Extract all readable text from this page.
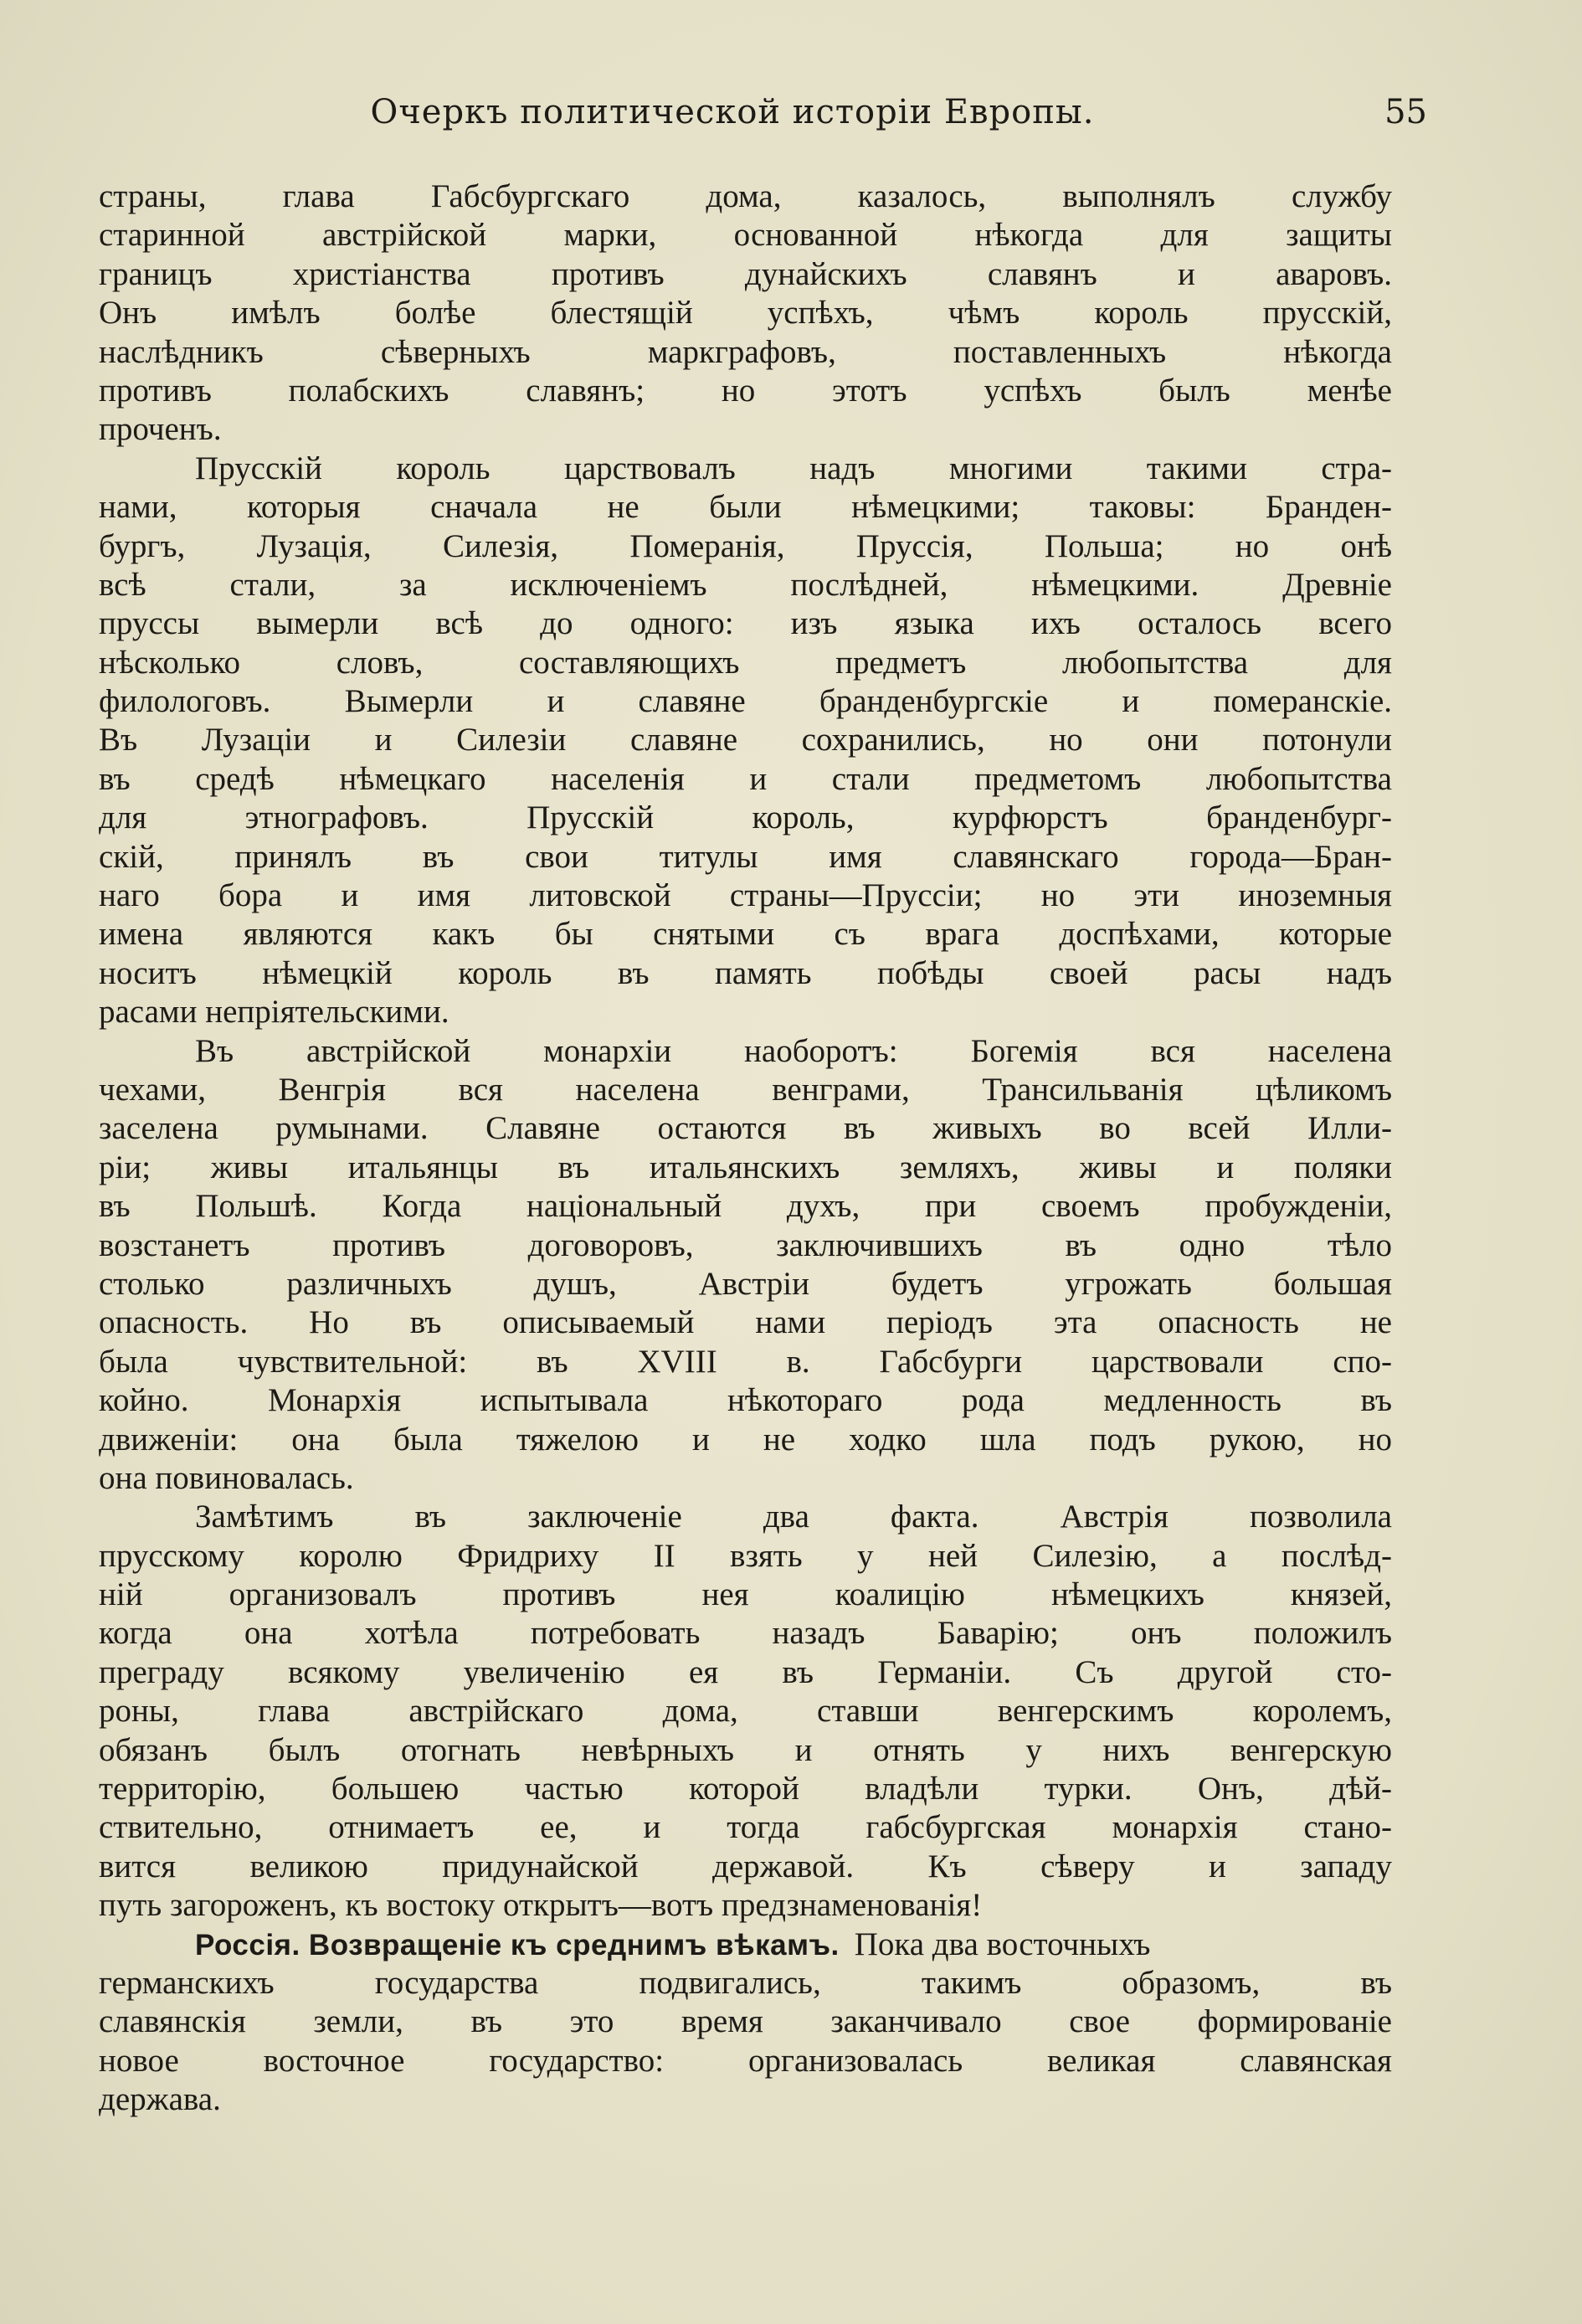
Очеркъ политической исторіи Европы.	55
страны, глава Габсбургскаго дома, казалось, выполнялъ службу
старинной австрійской марки, основанной нѣкогда для защиты
границъ христіанства противъ дунайскихъ славянъ и аваровъ.
Онъ имѣлъ болѣе блестящій успѣхъ, чѣмъ король прусскій,
наслѣдникъ сѣверныхъ маркграфовъ, поставленныхъ нѣкогда
противъ полабскихъ славянъ; но этотъ успѣхъ былъ менѣе
проченъ.
Прусскій король царствовалъ надъ многими такими стра-
нами, которыя сначала не были нѣмецкими; таковы: Бранден-
бургъ, Лузація, Силезія, Померанія, Пруссія, Польша; но онѣ
всѣ стали, за исключеніемъ послѣдней, нѣмецкими. Древніе
пруссы вымерли всѣ до одного: изъ языка ихъ осталось всего
нѣсколько словъ, составляющихъ предметъ любопытства для
филологовъ. Вымерли и славяне бранденбургскіе и померанскіе.
Въ Лузаціи и Силезіи славяне сохранились, но они потонули
въ средѣ нѣмецкаго населенія и стали предметомъ любопытства
для этнографовъ. Прусскій король, курфюрстъ бранденбург-
скій, принялъ въ свои титулы имя славянскаго города—Бран-
наго бора и имя литовской страны—Пруссіи; но эти иноземныя
имена являются какъ бы снятыми съ врага доспѣхами, которые
носитъ нѣмецкій король въ память побѣды своей расы надъ
расами непріятельскими.
Въ австрійской монархіи наоборотъ: Богемія вся населена
чехами, Венгрія вся населена венграми, Трансильванія цѣликомъ
заселена румынами. Славяне остаются въ живыхъ во всей Илли-
ріи; живы итальянцы въ итальянскихъ земляхъ, живы и поляки
въ Польшѣ. Когда національный духъ, при своемъ пробужденіи,
возстанетъ противъ договоровъ, заключившихъ въ одно тѣло
столько различныхъ душъ, Австріи будетъ угрожать большая
опасность. Но въ описываемый нами періодъ эта опасность не
была чувствительной: въ XVIII в. Габсбурги царствовали спо-
койно. Монархія испытывала нѣкотораго рода медленность въ
движеніи: она была тяжелою и не ходко шла подъ рукою, но
она повиновалась.
Замѣтимъ въ заключеніе два факта. Австрія позволила
прусскому королю Фридриху II взять у ней Силезію, а послѣд-
ній организовалъ противъ нея коалицію нѣмецкихъ князей,
когда она хотѣла потребовать назадъ Баварію; онъ положилъ
преграду всякому увеличенію ея въ Германіи. Съ другой сто-
роны, глава австрійскаго дома, ставши венгерскимъ королемъ,
обязанъ былъ отогнать невѣрныхъ и отнять у нихъ венгерскую
территорію, большею частью которой владѣли турки. Онъ, дѣй-
ствительно, отнимаетъ ее, и тогда габсбургская монархія стано-
вится великою придунайской державой. Къ сѣверу и западу
путь загороженъ, къ востоку открытъ—вотъ предзнаменованія!
Россія. Возвращеніе къ среднимъ вѣкамъ. Пока два восточныхъ
германскихъ государства подвигались, такимъ образомъ, въ
славянскія земли, въ это время заканчивало свое формированіе
новое восточное государство: организовалась великая славянская
держава.
